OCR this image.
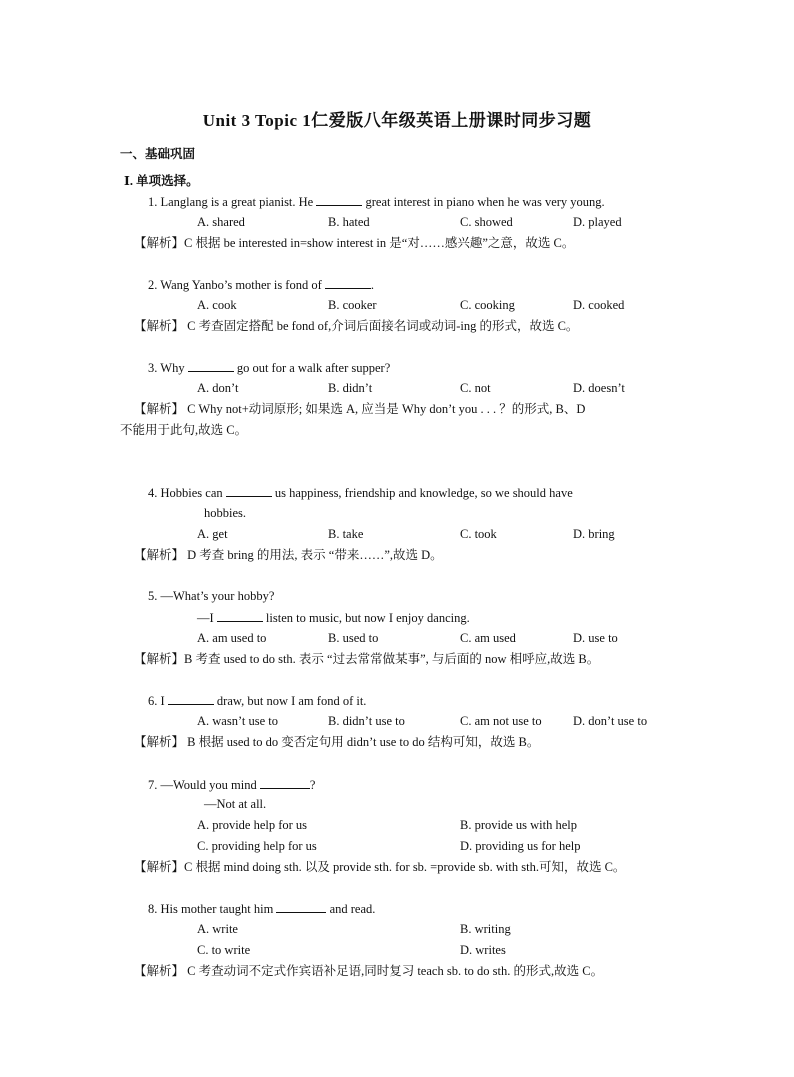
Unit 3 Topic 1仁爱版八年级英语上册课时同步习题
一、基础巩固
Ⅰ. 单项选择。
1. Langlang is a great pianist. He	great interest in piano when he was very young.
A. shared	B. hated	C. showed	D. played
【解析】C 根据 be interested in=show interest in 是“对……感兴趣”之意，故选 C。
2. Wang Yanbo’s mother is fond of	.
A. cook	B. cooker	C. cooking	D. cooked
【解析】 C 考查固定搭配 be fond of,介词后面接名词或动词-ing 的形式，故选 C。
3. Why	go out for a walk after supper?
A. don’t	B. didn’t	C. not	D. doesn’t
【解析】 C Why not+动词原形; 如果选 A, 应当是 Why don’t you . . . ？的形式, B、D
不能用于此句,故选 C。
4. Hobbies can	us happiness, friendship and knowledge, so we should have
hobbies.
A. get	B. take	C. took	D. bring
【解析】 D 考查 bring 的用法, 表示 “带来……”,故选 D。
5. —What’s your hobby?
—I	listen to music, but now I enjoy dancing.
A. am used to	B. used to	C. am used	D. use to
【解析】B 考查 used to do sth. 表示 “过去常常做某事”, 与后面的 now 相呼应,故选 B。
6. I	draw, but now I am fond of it.
A. wasn’t use to	B. didn’t use to	C. am not use to	D. don’t use to
【解析】 B 根据 used to do 变否定句用 didn’t use to do 结构可知，故选 B。
7. —Would you mind	?
—Not at all.
A. provide help for us	B. provide us with help
C. providing help for us	D. providing us for help
【解析】C 根据 mind doing sth. 以及 provide sth. for sb. =provide sb. with sth.可知，故选 C。
8. His mother taught him	and read.
A. write	B. writing
C. to write	D. writes
【解析】 C 考查动词不定式作宾语补足语,同时复习 teach sb. to do sth. 的形式,故选 C。
